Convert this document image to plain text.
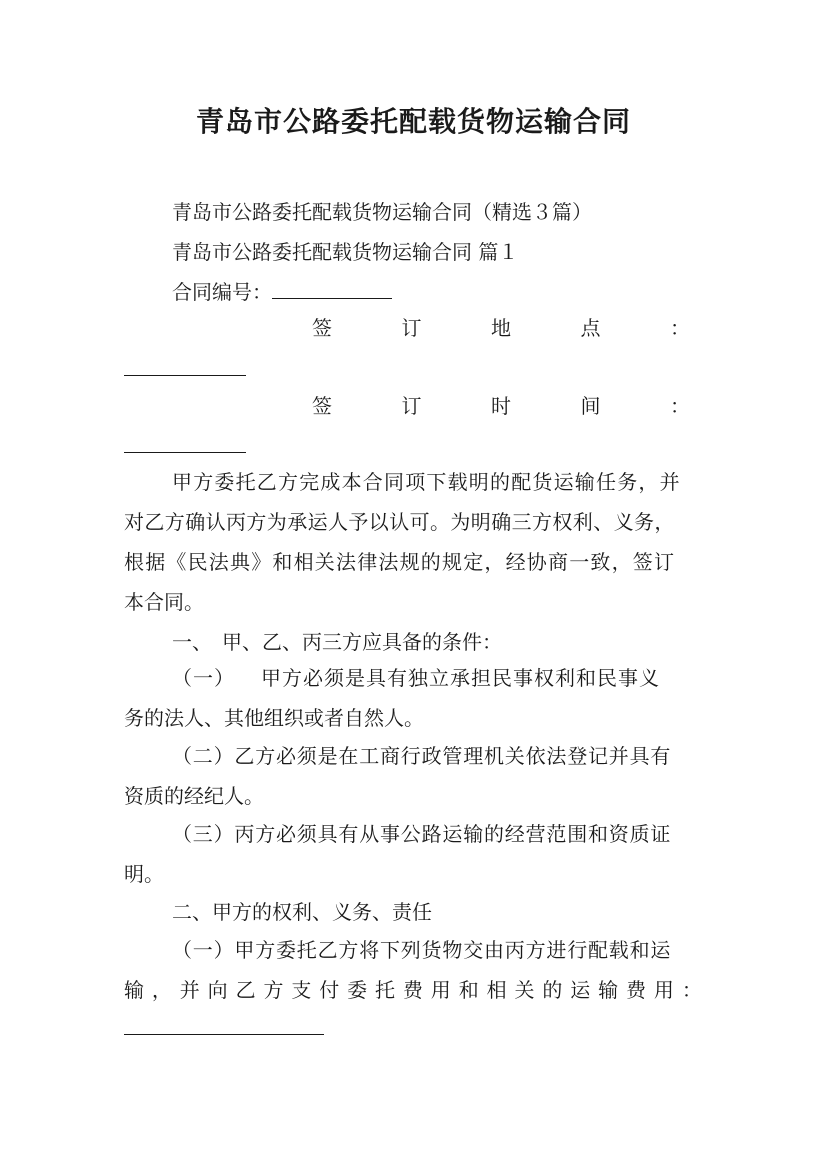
青岛市公路委托配载货物运输合同

青岛市公路委托配载货物运输合同（精选３篇）

青岛市公路委托配载货物运输合同 篇１

合同编号：

签	订	地	点	：
签	订	时	间	：

甲方委托乙方完成本合同项下载明的配货运输任务，并

对乙方确认丙方为承运人予以认可。为明确三方权利、义务，

根据《民法典》和相关法律法规的规定，经协商一致，签订

本合同。

一、　甲、乙、丙三方应具备的条件：

（一） 甲方必须是具有独立承担民事权利和民事义

务的法人、其他组织或者自然人。

（二）乙方必须是在工商行政管理机关依法登记并具有

资质的经纪人。

（三）丙方必须具有从事公路运输的经营范围和资质证

明。

二、甲方的权利、义务、责任

（一）甲方委托乙方将下列货物交由丙方进行配载和运

输 ， 并 向 乙 方 支 付 委 托 费 用 和 相 关 的 运 输 费 用 ：
